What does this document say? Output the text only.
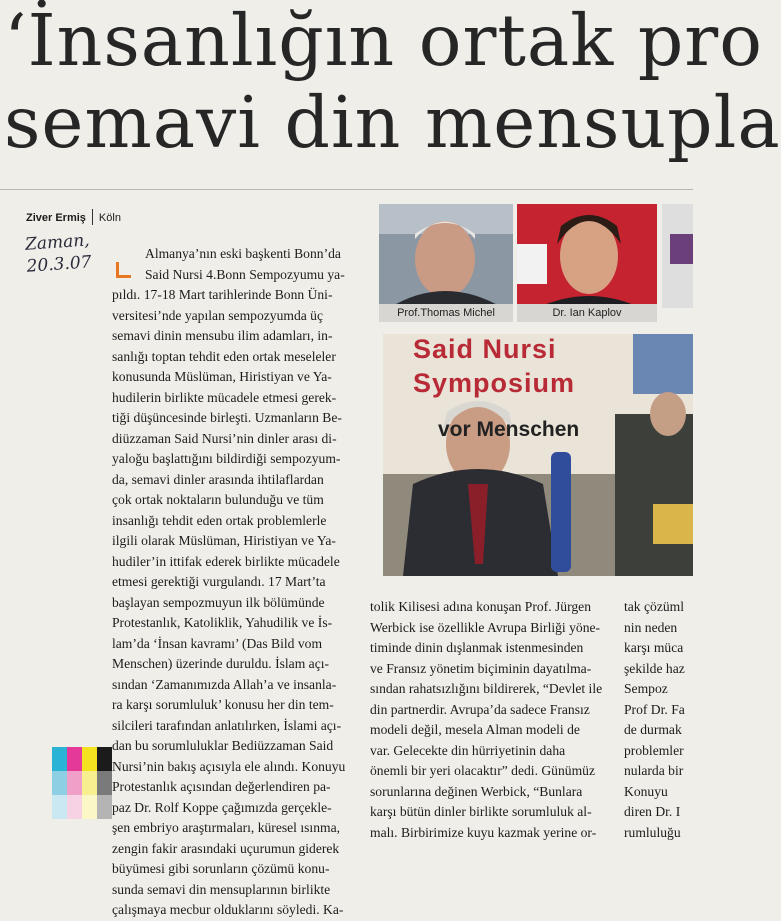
‘İnsanlığın ortak pro
semavi din mensupla
Ziver Ermiş Köln
Zaman,
20.3.07	Almanya’nın eski başkenti Bonn’da
Said Nursi 4.Bonn Sempozyumu ya-
pıldı. 17-18 Mart tarihlerinde Bonn Üni-
versitesi’nde yapılan sempozyumda üç
semavi dinin mensubu ilim adamları, in-
sanlığı toptan tehdit eden ortak meseleler
konusunda Müslüman, Hiristiyan ve Ya-
hudilerin birlikte mücadele etmesi gerek-
tiği düşüncesinde birleşti. Uzmanların Be-
diüzzaman Said Nursi’nin dinler arası di-
yaloğu başlattığını bildirdiği sempozyum-
da, semavi dinler arasında ihtilaflardan
çok ortak noktaların bulunduğu ve tüm
insanlığı tehdit eden ortak problemlerle
ilgili olarak Müslüman, Hiristiyan ve Ya-
hudiler’in ittifak ederek birlikte mücadele
etmesi gerektiği vurgulandı. 17 Mart’ta
başlayan sempozmuyun ilk bölümünde
Protestanlık, Katoliklik, Yahudilik ve İs-
lam’da ‘İnsan kavramı’ (Das Bild vom
Menschen) üzerinde duruldu. İslam açı-
sından ‘Zamanımızda Allah’a ve insanla-
ra karşı sorumluluk’ konusu her din tem-
silcileri tarafından anlatılırken, İslami açı-
dan bu sorumluluklar Bediüzzaman Said
Nursi’nin bakış açısıyla ele alındı. Konuyu
Protestanlık açısından değerlendiren pa-
paz Dr. Rolf Koppe çağımızda gerçekle-
şen embriyo araştırmaları, küresel ısınma,
zengin fakir arasındaki uçurumun giderek
büyümesi gibi sorunların çözümü konu-
sunda semavi din mensuplarının birlikte
çalışmaya mecbur olduklarını söyledi. Ka-
Prof.Thomas Michel	Dr. Ian Kaplov
Said Nursi
Symposium
vor Menschen
tolik Kilisesi adına konuşan Prof. Jürgen
Werbick ise özellikle Avrupa Birliği yöne-
timinde dinin dışlanmak istenmesinden
ve Fransız yönetim biçiminin dayatılma-
sından rahatsızlığını bildirerek, “Devlet ile
din partnerdir. Avrupa’da sadece Fransız
modeli değil, mesela Alman modeli de
var. Gelecekte din hürriyetinin daha
önemli bir yeri olacaktır” dedi. Günümüz
sorunlarına değinen Werbick, “Bunlara
karşı bütün dinler birlikte sorumluluk al-
malı. Birbirimize kuyu kazmak yerine or-
tak çözüml
nin neden
karşı müca
şekilde haz
Sempoz
Prof Dr. Fa
de durmak
problemler
nularda bir
Konuyu
diren Dr. I
rumluluğu
